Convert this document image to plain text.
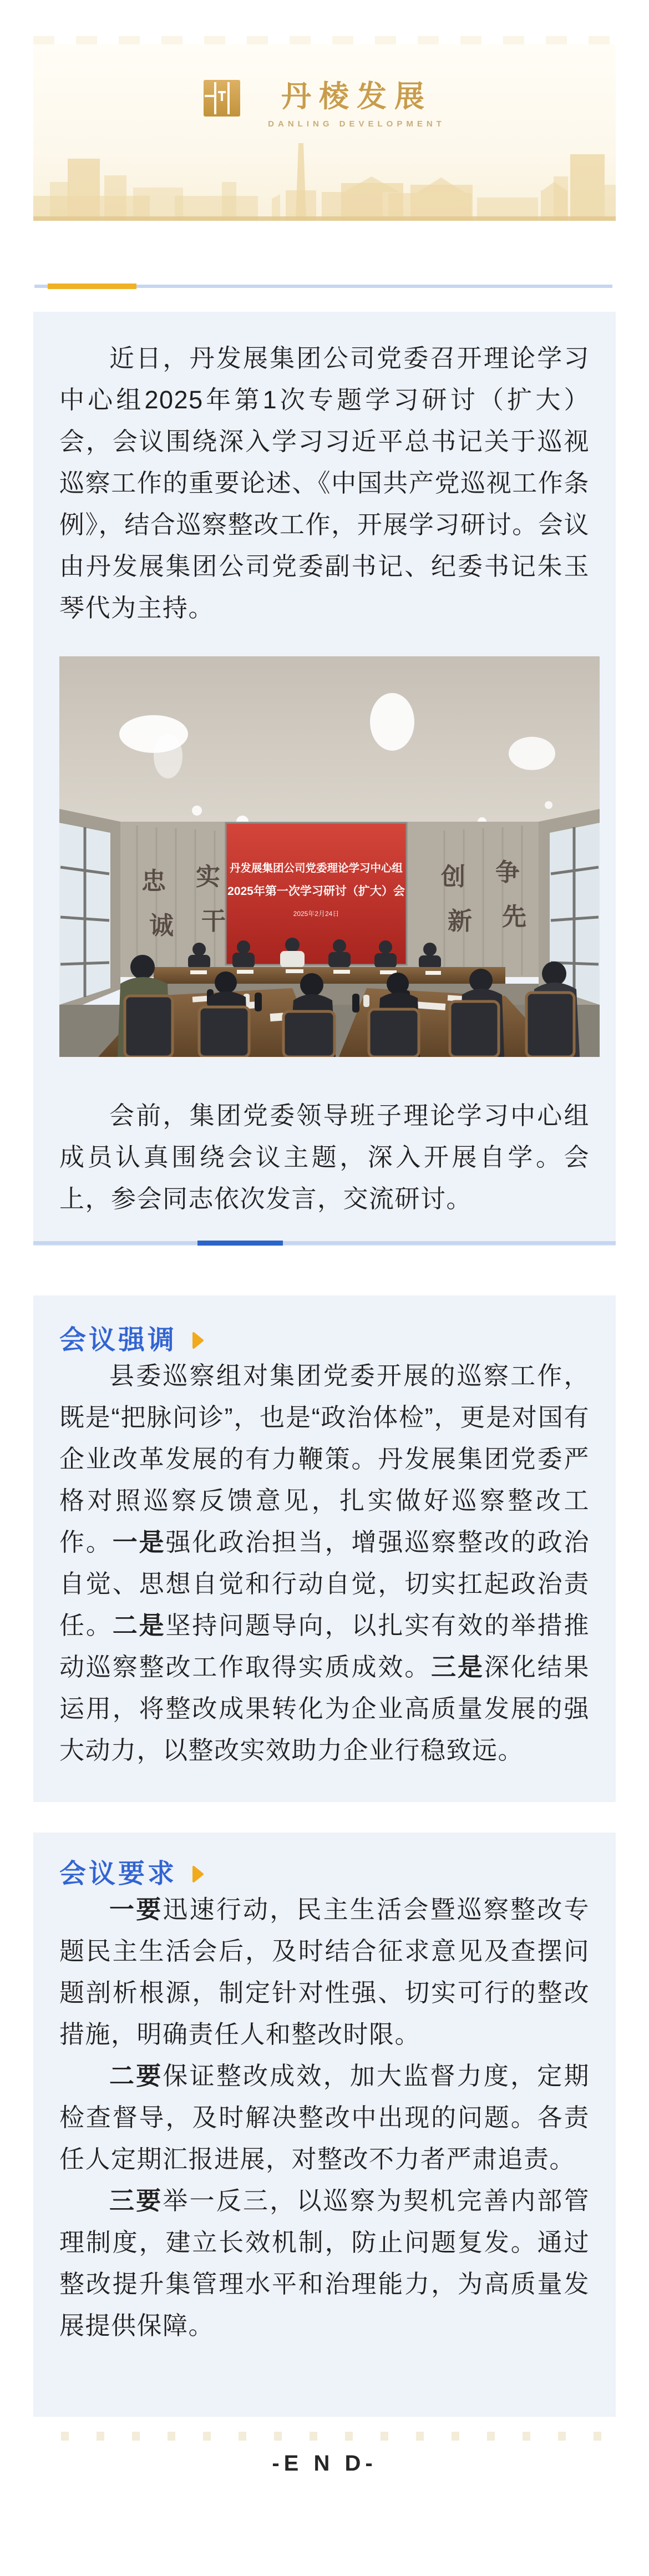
丹棱发展
DANLING DEVELOPMENT

近日，丹发展集团公司党委召开理论学习中心组2025年第1次专题学习研讨（扩大）会，会议围绕深入学习习近平总书记关于巡视巡察工作的重要论述、《中国共产党巡视工作条例》，结合巡察整改工作，开展学习研讨。会议由丹发展集团公司党委副书记、纪委书记朱玉琴代为主持。

忠
诚
实
干
创
新
争
先
丹发展集团公司党委理论学习中心组
2025年第一次学习研讨（扩大）会
2025年2月24日

会前，集团党委领导班子理论学习中心组成员认真围绕会议主题，深入开展自学。会上，参会同志依次发言，交流研讨。

会议强调

县委巡察组对集团党委开展的巡察工作，既是“把脉问诊”，也是“政治体检”，更是对国有企业改革发展的有力鞭策。丹发展集团党委严格对照巡察反馈意见，扎实做好巡察整改工作。一是强化政治担当，增强巡察整改的政治自觉、思想自觉和行动自觉，切实扛起政治责任。二是坚持问题导向，以扎实有效的举措推动巡察整改工作取得实质成效。三是深化结果运用，将整改成果转化为企业高质量发展的强大动力，以整改实效助力企业行稳致远。

会议要求

一要迅速行动，民主生活会暨巡察整改专题民主生活会后，及时结合征求意见及查摆问题剖析根源，制定针对性强、切实可行的整改措施，明确责任人和整改时限。

二要保证整改成效，加大监督力度，定期检查督导，及时解决整改中出现的问题。各责任人定期汇报进展，对整改不力者严肃追责。

三要举一反三，以巡察为契机完善内部管理制度，建立长效机制，防止问题复发。通过整改提升集管理水平和治理能力，为高质量发展提供保障。

-E N D-
